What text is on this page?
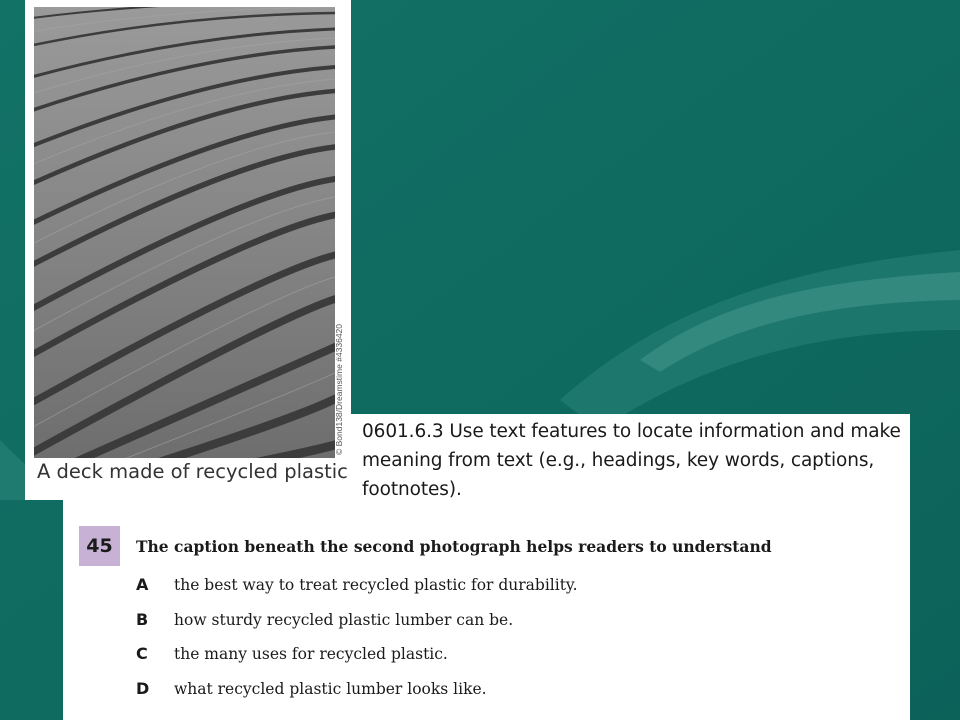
© Bond138/Dreamstime #4336420
A deck made of recycled plastic
0601.6.3 Use text features to locate information and make meaning from text (e.g., headings, key words, captions, footnotes).
45	The caption beneath the second photograph helps readers to understand
A the best way to treat recycled plastic for durability.
B how sturdy recycled plastic lumber can be.
C the many uses for recycled plastic.
D what recycled plastic lumber looks like.
